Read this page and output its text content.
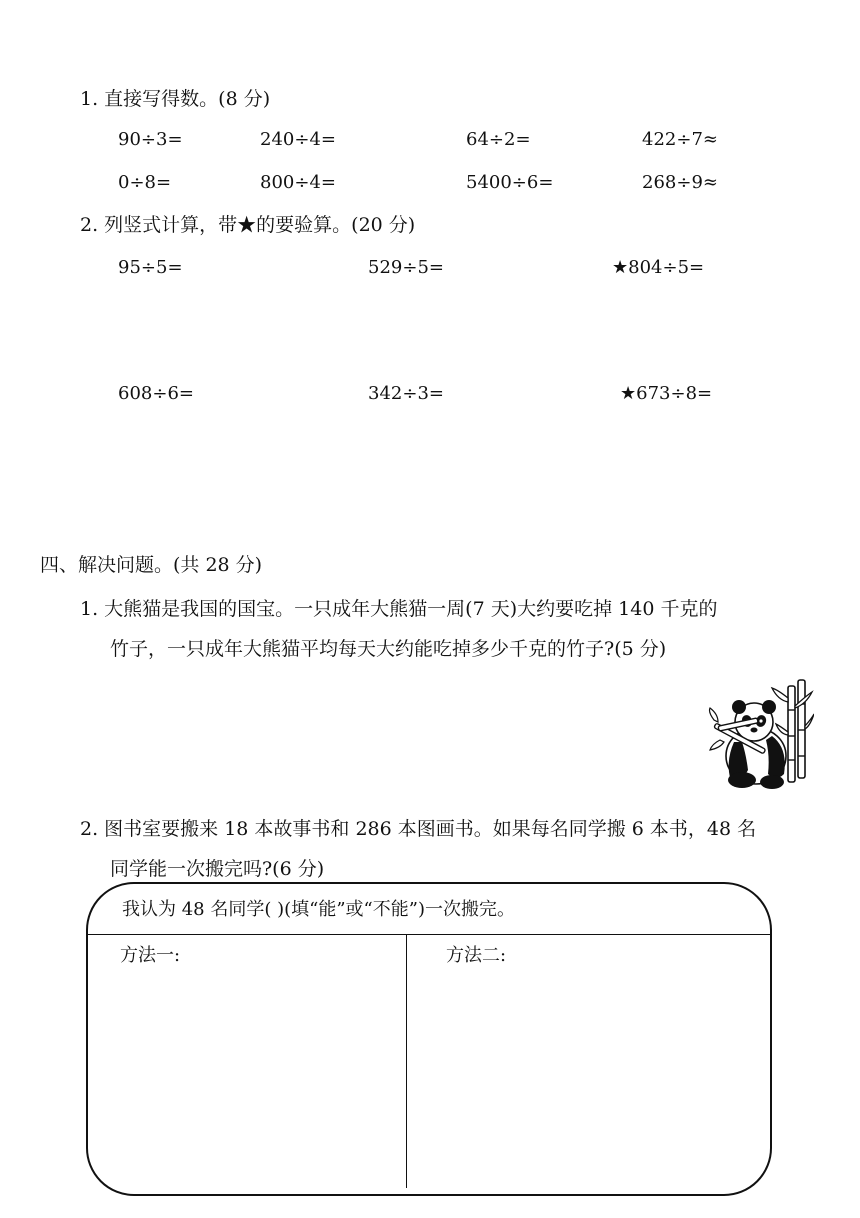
1. 直接写得数。(8 分)
90÷3=	240÷4=	64÷2=	422÷7≈
0÷8=	800÷4=	5400÷6=	268÷9≈
2. 列竖式计算，带★的要验算。(20 分)
95÷5=	529÷5=	★804÷5=
608÷6=	342÷3=	★673÷8=
四、解决问题。(共 28 分)
1. 大熊猫是我国的国宝。一只成年大熊猫一周(7 天)大约要吃掉 140 千克的
竹子，一只成年大熊猫平均每天大约能吃掉多少千克的竹子?(5 分)
2. 图书室要搬来 18 本故事书和 286 本图画书。如果每名同学搬 6 本书，48 名
同学能一次搬完吗?(6 分)
我认为 48 名同学( )(填“能”或“不能”)一次搬完。
方法一:	方法二:
